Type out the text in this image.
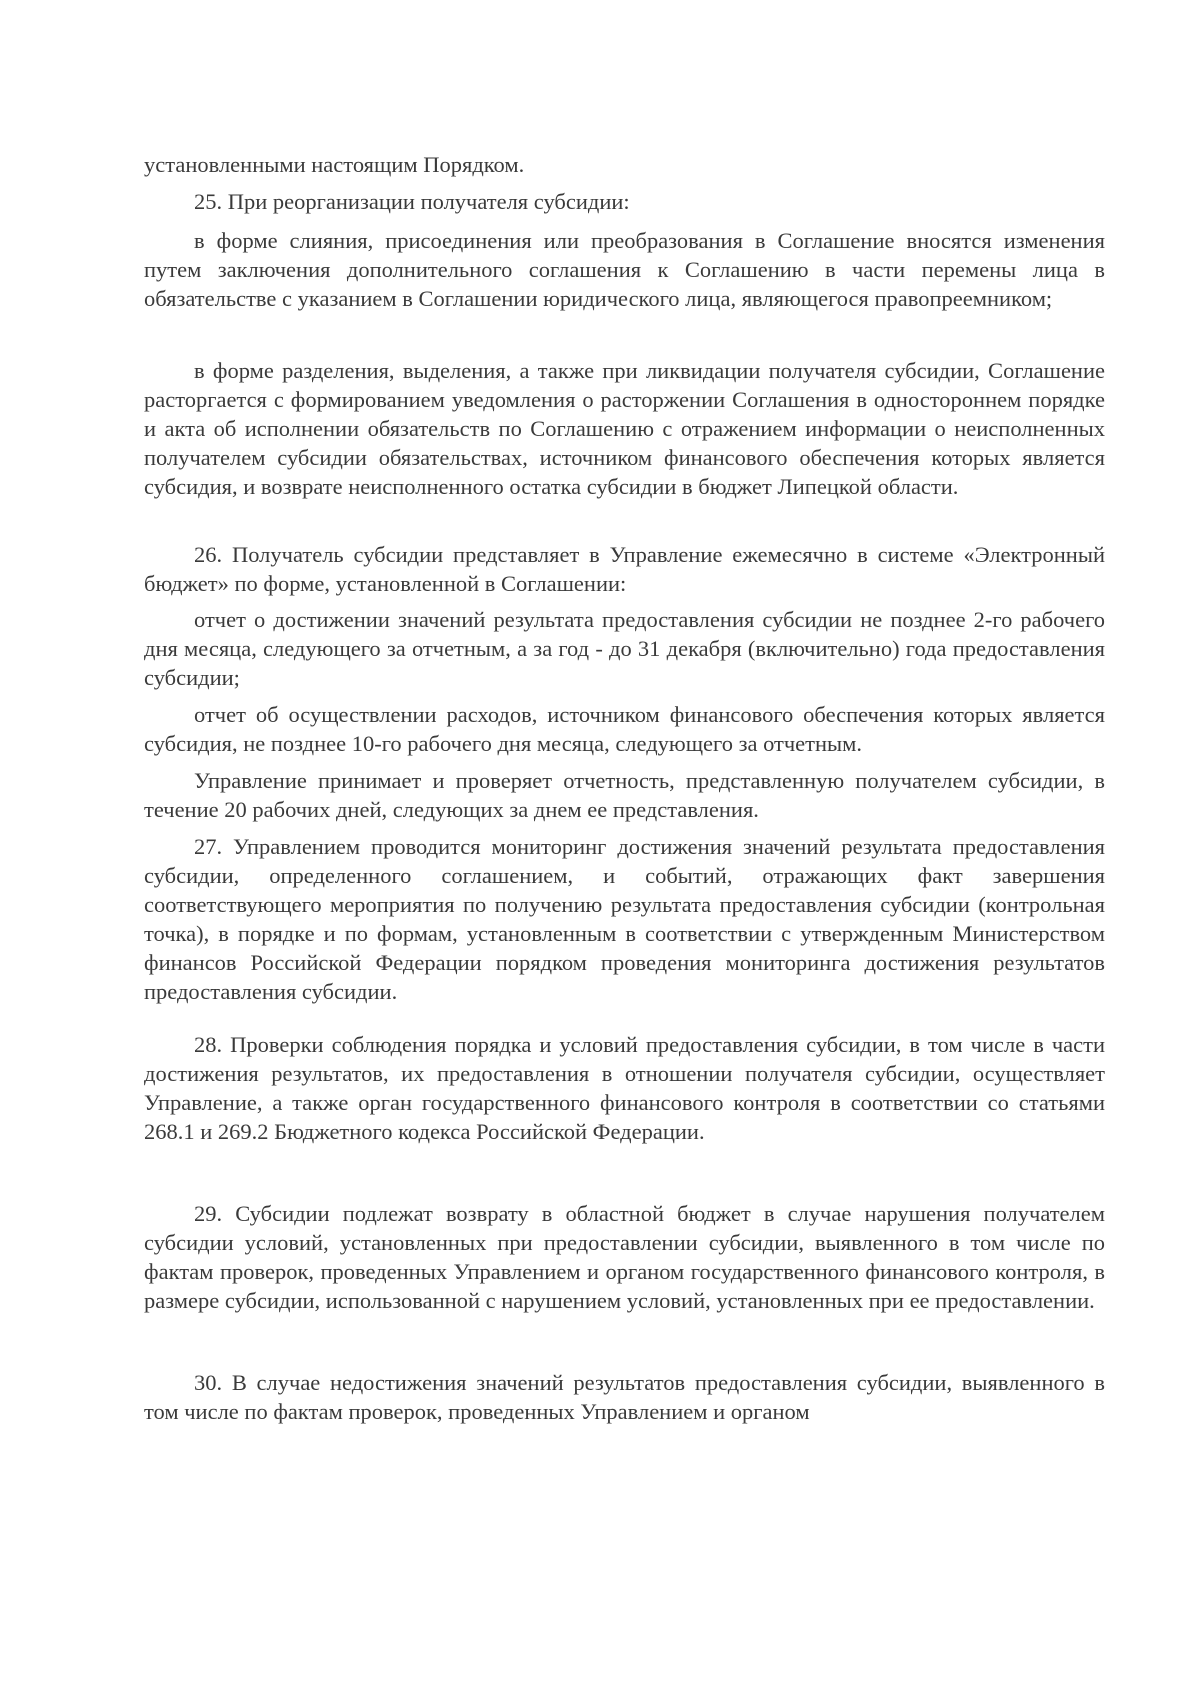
установленными настоящим Порядком.

25. При реорганизации получателя субсидии:

в форме слияния, присоединения или преобразования в Соглашение вносятся изменения путем заключения дополнительного соглашения к Соглашению в части перемены лица в обязательстве с указанием в Соглашении юридического лица, являющегося правопреемником;

в форме разделения, выделения, а также при ликвидации получателя субсидии, Соглашение расторгается с формированием уведомления о расторжении Соглашения в одностороннем порядке и акта об исполнении обязательств по Соглашению с отражением информации о неисполненных получателем субсидии обязательствах, источником финансового обеспечения которых является субсидия, и возврате неисполненного остатка субсидии в бюджет Липецкой области.

26. Получатель субсидии представляет в Управление ежемесячно в системе «Электронный бюджет» по форме, установленной в Соглашении:

отчет о достижении значений результата предоставления субсидии не позднее 2-го рабочего дня месяца, следующего за отчетным, а за год - до 31 декабря (включительно) года предоставления субсидии;

отчет об осуществлении расходов, источником финансового обеспечения которых является субсидия, не позднее 10-го рабочего дня месяца, следующего за отчетным.

Управление принимает и проверяет отчетность, представленную получателем субсидии, в течение 20 рабочих дней, следующих за днем ее представления.

27. Управлением проводится мониторинг достижения значений результата предоставления субсидии, определенного соглашением, и событий, отражающих факт завершения соответствующего мероприятия по получению результата предоставления субсидии (контрольная точка), в порядке и по формам, установленным в соответствии с утвержденным Министерством финансов Российской Федерации порядком проведения мониторинга достижения результатов предоставления субсидии.

28. Проверки соблюдения порядка и условий предоставления субсидии, в том числе в части достижения результатов, их предоставления в отношении получателя субсидии, осуществляет Управление, а также орган государственного финансового контроля в соответствии со статьями 268.1 и 269.2 Бюджетного кодекса Российской Федерации.

29. Субсидии подлежат возврату в областной бюджет в случае нарушения получателем субсидии условий, установленных при предоставлении субсидии, выявленного в том числе по фактам проверок, проведенных Управлением и органом государственного финансового контроля, в размере субсидии, использованной с нарушением условий, установленных при ее предоставлении.

30. В случае недостижения значений результатов предоставления субсидии, выявленного в том числе по фактам проверок, проведенных Управлением и органом
